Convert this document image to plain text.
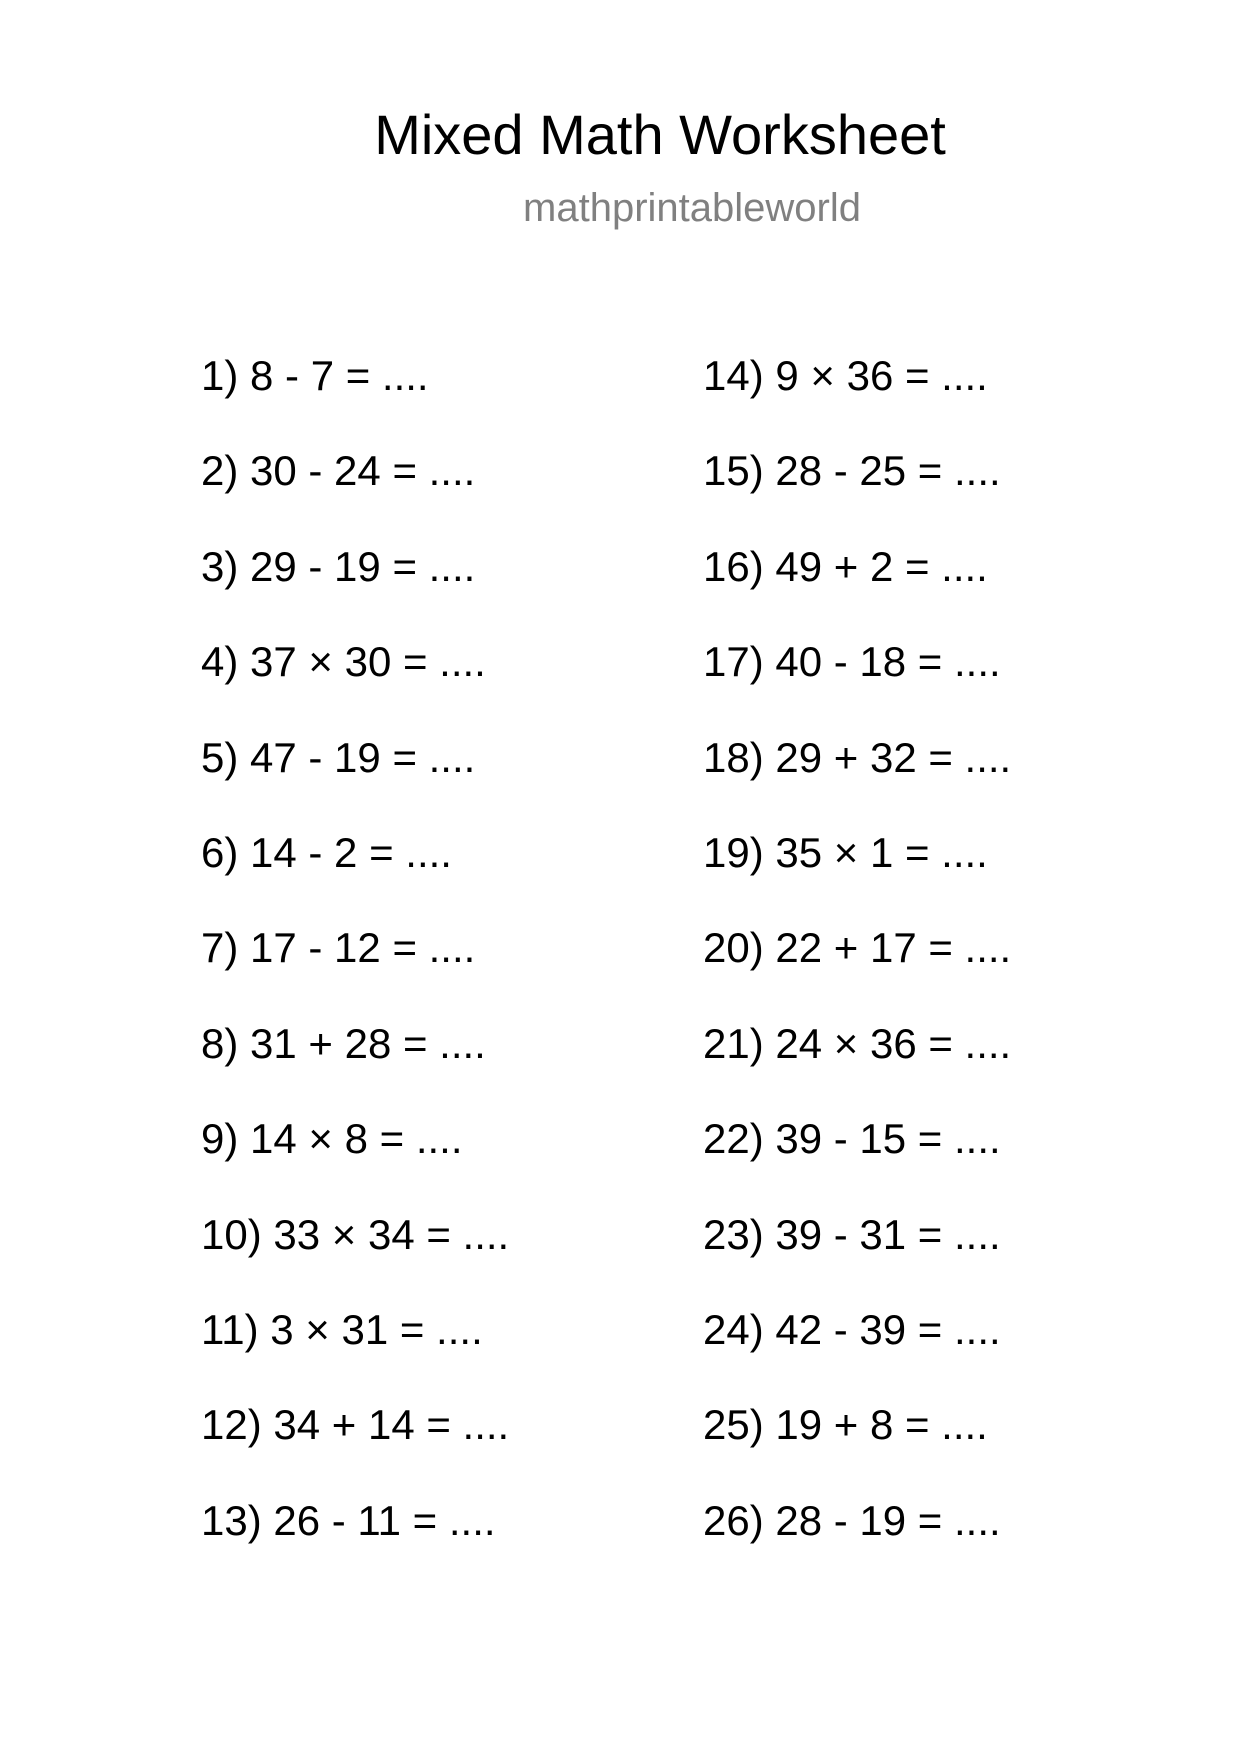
Mixed Math Worksheet
mathprintableworld
1) 8 - 7 = ....
2) 30 - 24 = ....
3) 29 - 19 = ....
4) 37 × 30 = ....
5) 47 - 19 = ....
6) 14 - 2 = ....
7) 17 - 12 = ....
8) 31 + 28 = ....
9) 14 × 8 = ....
10) 33 × 34 = ....
11) 3 × 31 = ....
12) 34 + 14 = ....
13) 26 - 11 = ....
14) 9 × 36 = ....
15) 28 - 25 = ....
16) 49 + 2 = ....
17) 40 - 18 = ....
18) 29 + 32 = ....
19) 35 × 1 = ....
20) 22 + 17 = ....
21) 24 × 36 = ....
22) 39 - 15 = ....
23) 39 - 31 = ....
24) 42 - 39 = ....
25) 19 + 8 = ....
26) 28 - 19 = ....
